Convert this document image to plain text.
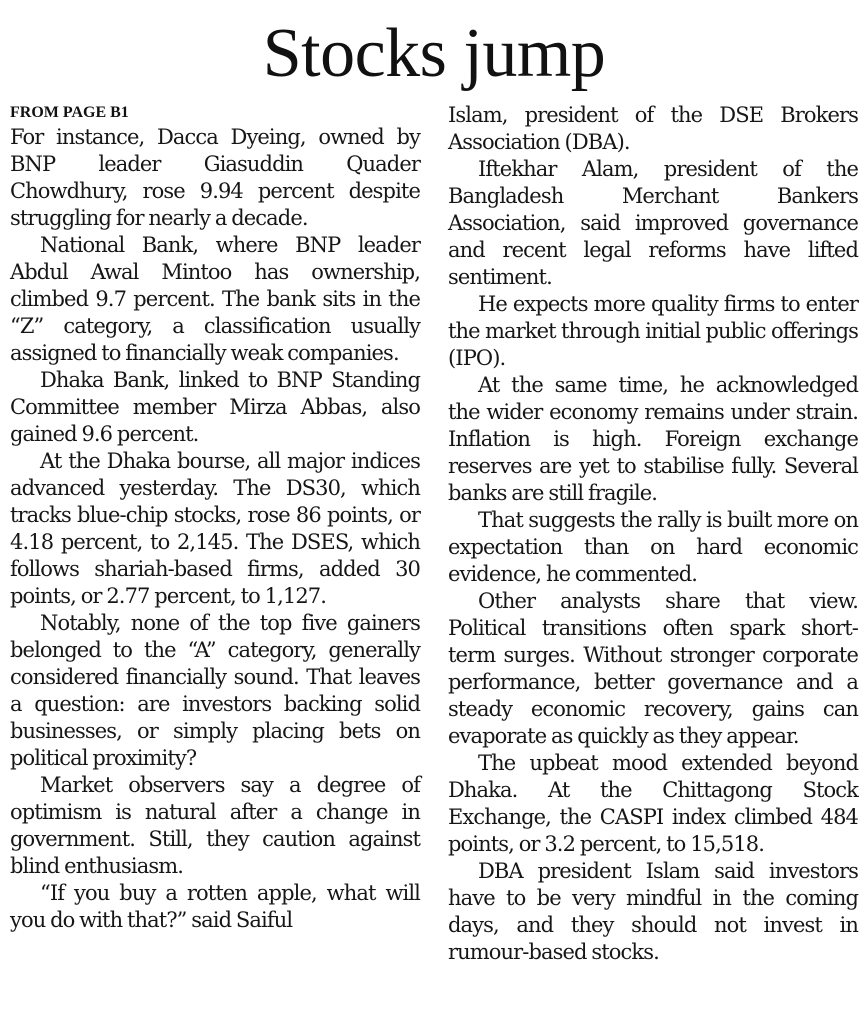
Stocks jump
FROM PAGE B1

For instance, Dacca Dyeing, owned by BNP leader Giasuddin Quader Chowdhury, rose 9.94 percent despite struggling for nearly a decade.

National Bank, where BNP leader Abdul Awal Mintoo has ownership, climbed 9.7 percent. The bank sits in the “Z” category, a classification usually assigned to financially weak companies.

Dhaka Bank, linked to BNP Standing Committee member Mirza Abbas, also gained 9.6 percent.

At the Dhaka bourse, all major indices advanced yesterday. The DS30, which tracks blue-chip stocks, rose 86 points, or 4.18 percent, to 2,145. The DSES, which follows shariah-based firms, added 30 points, or 2.77 percent, to 1,127.

Notably, none of the top five gainers belonged to the “A” category, generally considered financially sound. That leaves a question: are investors backing solid businesses, or simply placing bets on political proximity?

Market observers say a degree of optimism is natural after a change in government. Still, they caution against blind enthusiasm.

“If you buy a rotten apple, what will you do with that?” said Saiful

Islam, president of the DSE Brokers Association (DBA).

Iftekhar Alam, president of the Bangladesh Merchant Bankers Association, said improved governance and recent legal reforms have lifted sentiment.

He expects more quality firms to enter the market through initial public offerings (IPO).

At the same time, he acknowledged the wider economy remains under strain. Inflation is high. Foreign exchange reserves are yet to stabilise fully. Several banks are still fragile.

That suggests the rally is built more on expectation than on hard economic evidence, he commented.

Other analysts share that view. Political transitions often spark short-term surges. Without stronger corporate performance, better governance and a steady economic recovery, gains can evaporate as quickly as they appear.

The upbeat mood extended beyond Dhaka. At the Chittagong Stock Exchange, the CASPI index climbed 484 points, or 3.2 percent, to 15,518.

DBA president Islam said investors have to be very mindful in the coming days, and they should not invest in rumour-based stocks.
